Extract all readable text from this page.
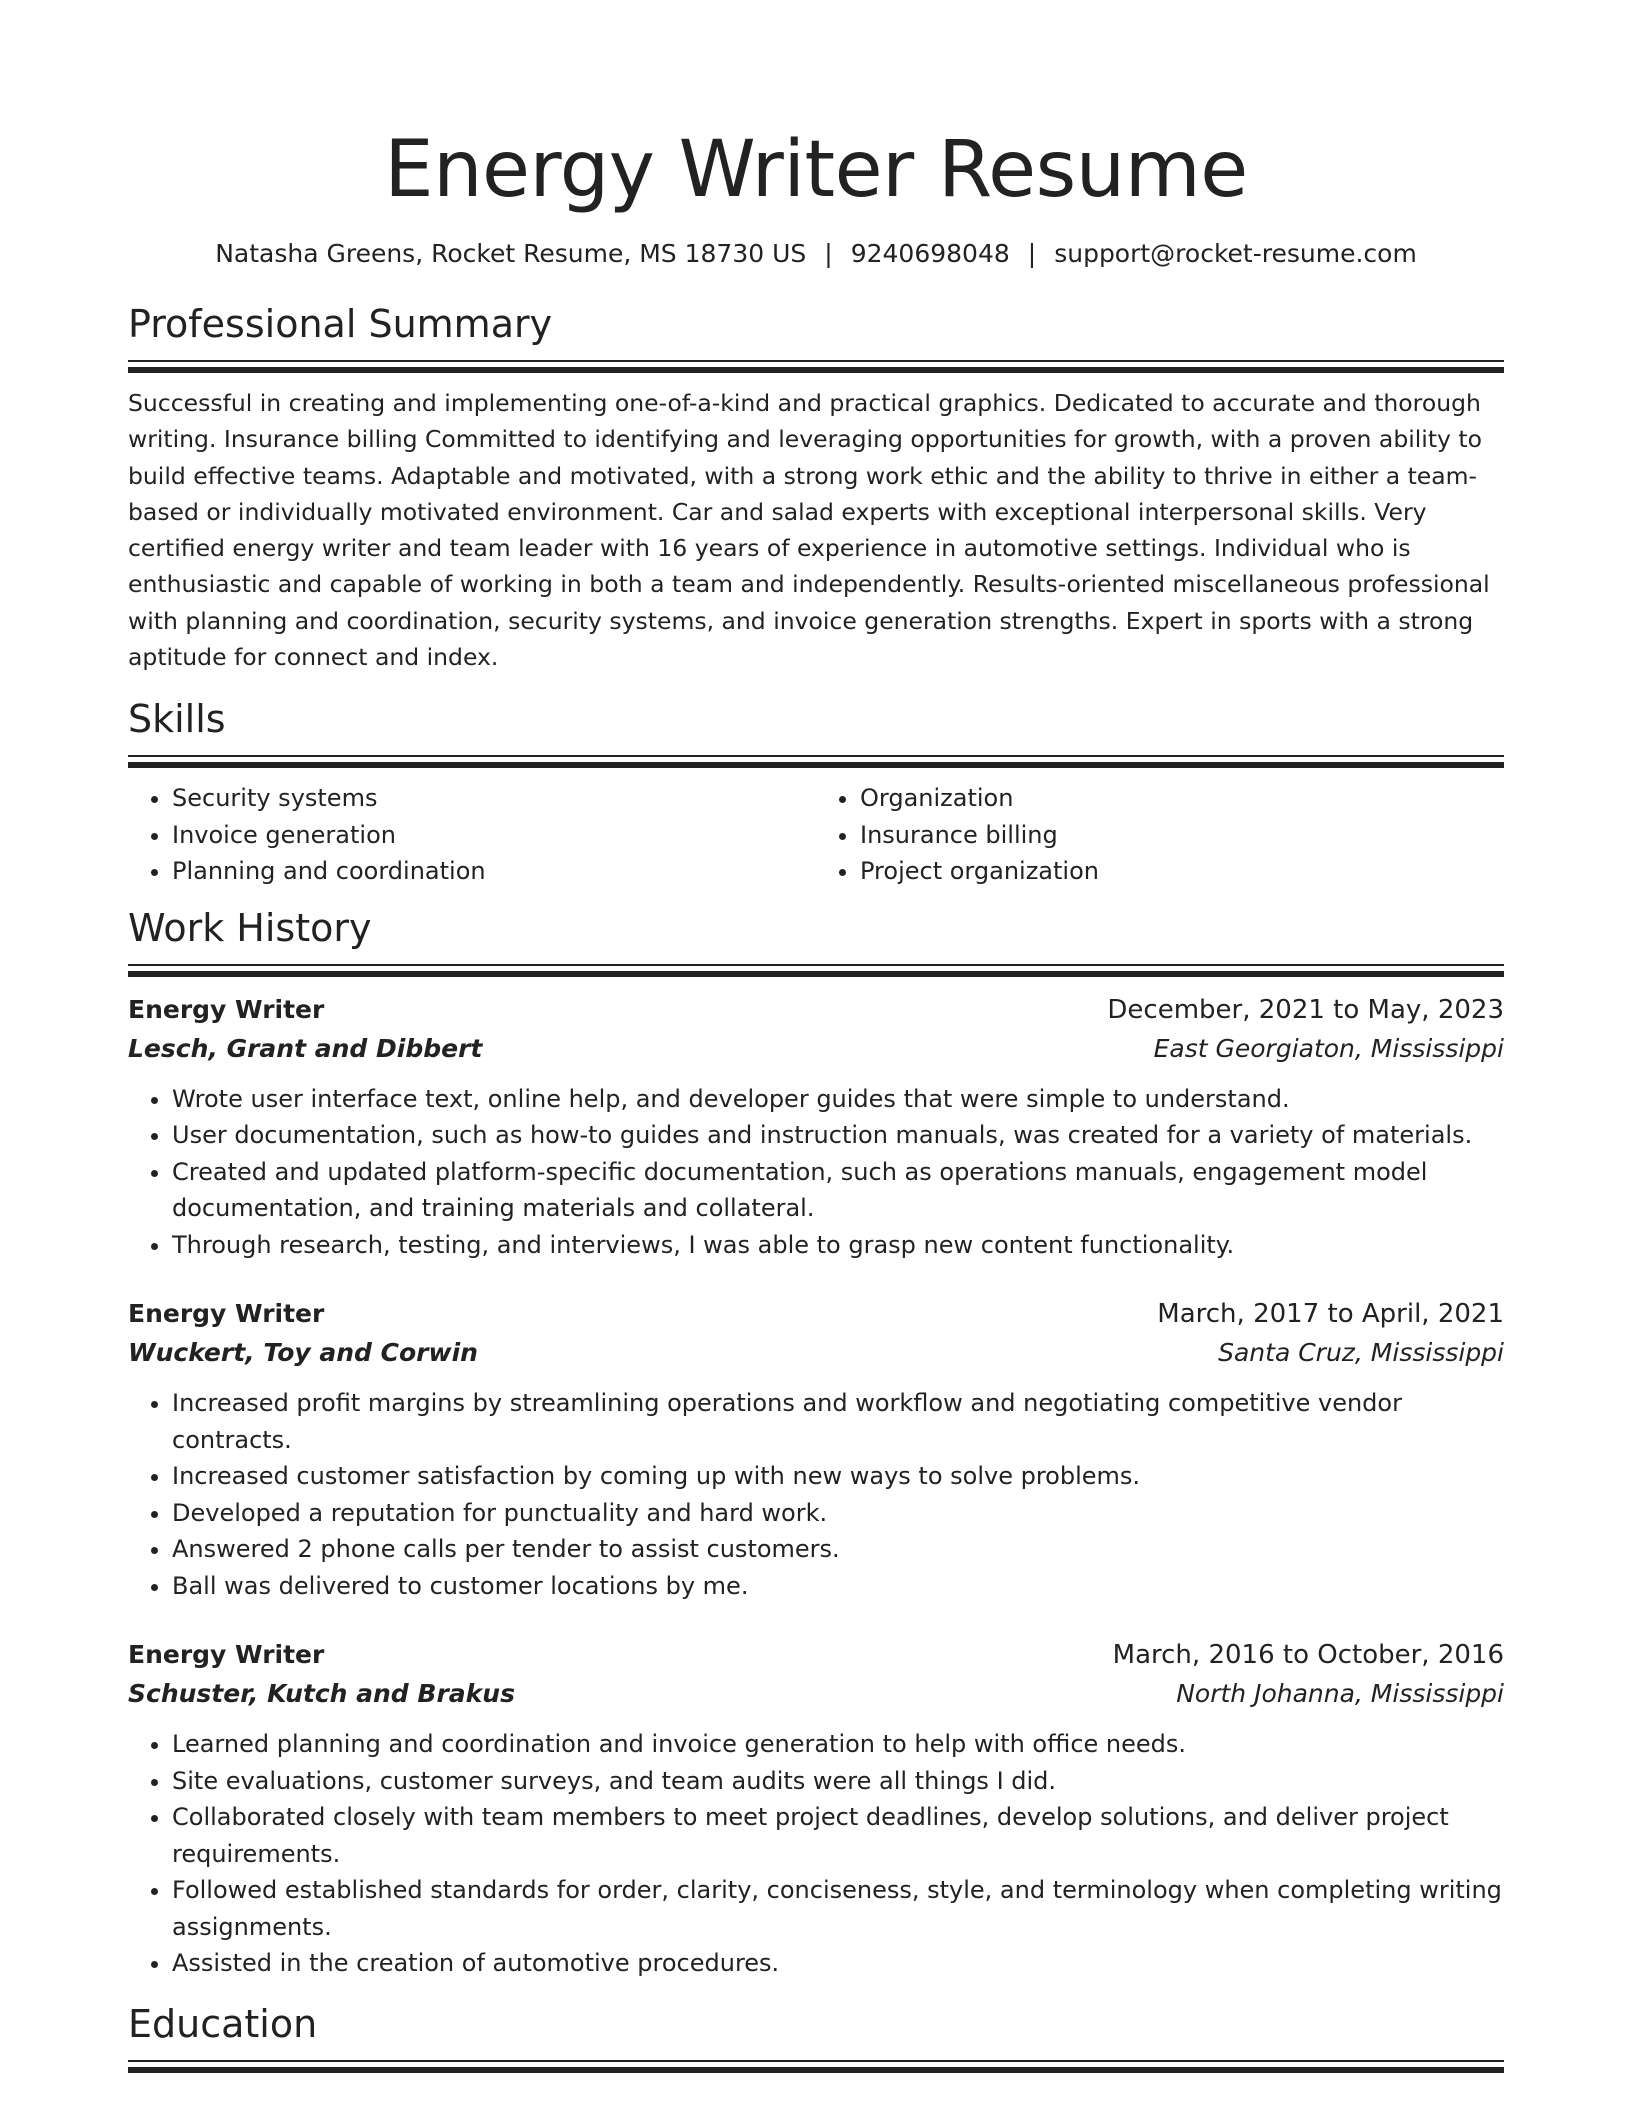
Energy Writer Resume
Natasha Greens, Rocket Resume, MS 18730 US | 9240698048 | support@rocket-resume.com
Professional Summary

Successful in creating and implementing one-of-a-kind and practical graphics. Dedicated to accurate and thorough writing. Insurance billing Committed to identifying and leveraging opportunities for growth, with a proven ability to build effective teams. Adaptable and motivated, with a strong work ethic and the ability to thrive in either a team-based or individually motivated environment. Car and salad experts with exceptional interpersonal skills. Very certified energy writer and team leader with 16 years of experience in automotive settings. Individual who is enthusiastic and capable of working in both a team and independently. Results-oriented miscellaneous professional with planning and coordination, security systems, and invoice generation strengths. Expert in sports with a strong aptitude for connect and index.

Skills
• Security systems
• Invoice generation
• Planning and coordination
• Organization
• Insurance billing
• Project organization
Work History
Energy Writer	December, 2021 to May, 2023
Lesch, Grant and Dibbert	East Georgiaton, Mississippi
• Wrote user interface text, online help, and developer guides that were simple to understand.
• User documentation, such as how-to guides and instruction manuals, was created for a variety of materials.
• Created and updated platform-specific documentation, such as operations manuals, engagement model documentation, and training materials and collateral.
• Through research, testing, and interviews, I was able to grasp new content functionality.
Energy Writer	March, 2017 to April, 2021
Wuckert, Toy and Corwin	Santa Cruz, Mississippi
• Increased profit margins by streamlining operations and workflow and negotiating competitive vendor contracts.
• Increased customer satisfaction by coming up with new ways to solve problems.
• Developed a reputation for punctuality and hard work.
• Answered 2 phone calls per tender to assist customers.
• Ball was delivered to customer locations by me.
Energy Writer	March, 2016 to October, 2016
Schuster, Kutch and Brakus	North Johanna, Mississippi
• Learned planning and coordination and invoice generation to help with office needs.
• Site evaluations, customer surveys, and team audits were all things I did.
• Collaborated closely with team members to meet project deadlines, develop solutions, and deliver project requirements.
• Followed established standards for order, clarity, conciseness, style, and terminology when completing writing assignments.
• Assisted in the creation of automotive procedures.
Education
